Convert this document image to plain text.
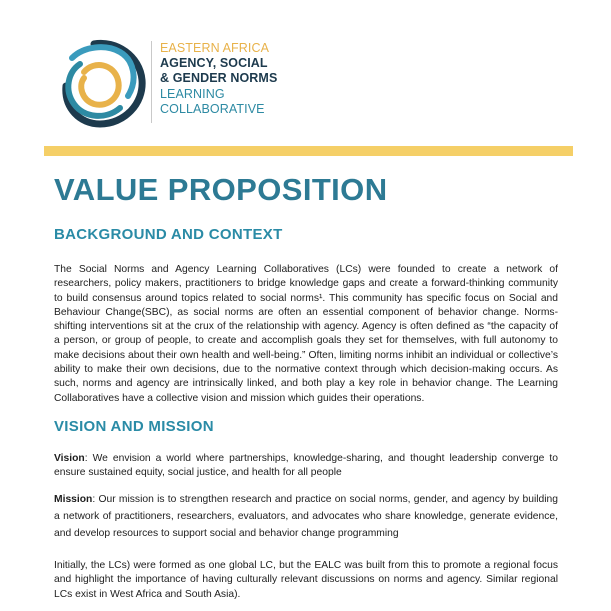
EASTERN AFRICA
AGENCY, SOCIAL
& GENDER NORMS
LEARNING
COLLABORATIVE
VALUE PROPOSITION
BACKGROUND AND CONTEXT

The Social Norms and Agency Learning Collaboratives (LCs) were founded to create a network of researchers, policy makers, practitioners to bridge knowledge gaps and create a forward-thinking community to build consensus around topics related to social norms¹. This community has specific focus on Social and Behaviour Change(SBC), as social norms are often an essential component of behavior change. Norms-shifting interventions sit at the crux of the relationship with agency. Agency is often defined as “the capacity of a person, or group of people, to create and accomplish goals they set for themselves, with full autonomy to make decisions about their own health and well-being.” Often, limiting norms inhibit an individual or collective’s ability to make their own decisions, due to the normative context through which decision-making occurs. As such, norms and agency are intrinsically linked, and both play a key role in behavior change. The Learning Collaboratives have a collective vision and mission which guides their operations.

VISION AND MISSION

Vision: We envision a world where partnerships, knowledge-sharing, and thought leadership converge to ensure sustained equity, social justice, and health for all people

Mission: Our mission is to strengthen research and practice on social norms, gender, and agency by building a network of practitioners, researchers, evaluators, and advocates who share knowledge, generate evidence, and develop resources to support social and behavior change programming

Initially, the LCs) were formed as one global LC, but the EALC was built from this to promote a regional focus and highlight the importance of having culturally relevant discussions on norms and agency. Similar regional LCs exist in West Africa and South Asia).
